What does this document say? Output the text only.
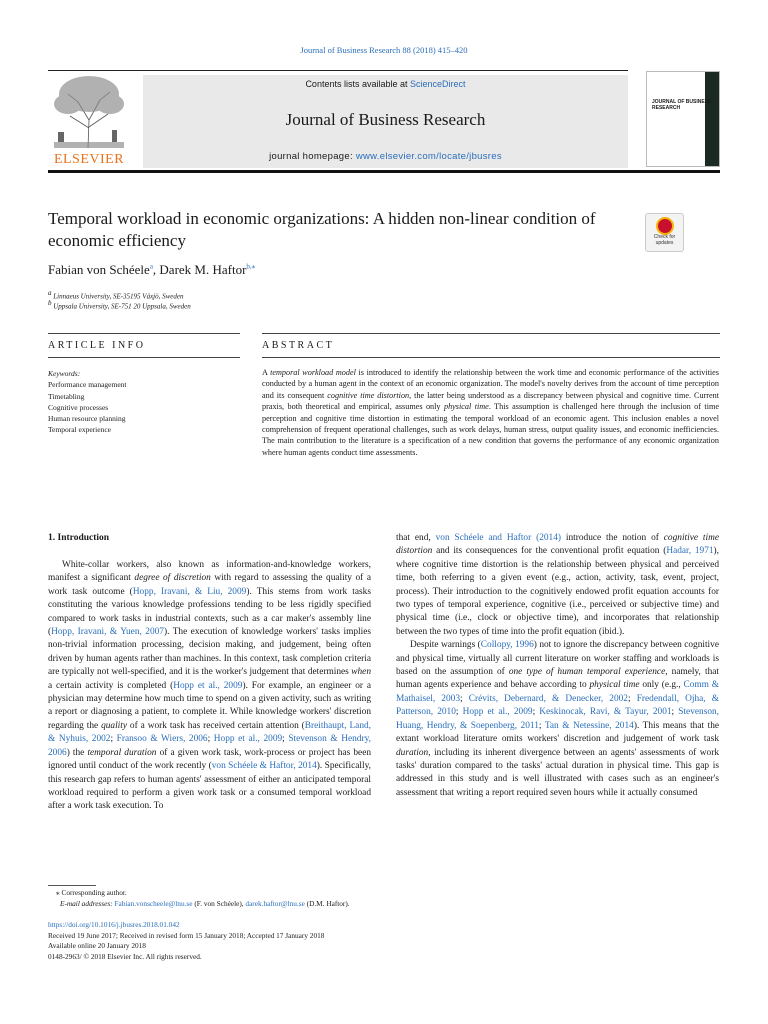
Journal of Business Research 88 (2018) 415–420
ELSEVIER
Contents lists available at ScienceDirect
Journal of Business Research
journal homepage: www.elsevier.com/locate/jbusres
JOURNAL OF BUSINESS RESEARCH
Temporal workload in economic organizations: A hidden non-linear condition of economic efficiency	Check for updates
Fabian von Schéele$^a$, Darek M. Haftor$^{b,⁎}$
$^a$ Linnaeus University, SE-35195 Växjö, Sweden
$^b$ Uppsala University, SE-751 20 Uppsala, Sweden
ARTICLE INFO	ABSTRACT
Keywords:
Performance management
Timetabling
Cognitive processes
Human resource planning
Temporal experience
A temporal workload model is introduced to identify the relationship between the work time and economic performance of the activities conducted by a human agent in the context of an economic organization. The model's novelty derives from the account of time perception and its consequent cognitive time distortion, the latter being understood as a discrepancy between physical and cognitive time. Current praxis, both theoretical and empirical, assumes only physical time. This assumption is challenged here through the inclusion of time perception and cognitive time distortion in estimating the temporal workload of an economic agent. This inclusion enables a novel comprehension of frequent operational challenges, such as work delays, human stress, output quality issues, and economic inefficiencies. The main contribution to the literature is a specification of a new condition that governs the performance of any economic organization where human agents conduct time assessments.
1. Introduction

White-collar workers, also known as information-and-knowledge workers, manifest a significant degree of discretion with regard to assessing the quality of a work task outcome (Hopp, Iravani, & Liu, 2009). This stems from work tasks constituting the various knowledge professions tending to be less rigidly specified compared to work tasks in industrial contexts, such as a car maker's assembly line (Hopp, Iravani, & Yuen, 2007). The execution of knowledge workers' tasks implies non-trivial information processing, decision making, and judgement, being often driven by human agents rather than machines. In this context, task completion criteria are typically not well-specified, and it is the worker's judgement that determines when a certain activity is completed (Hopp et al., 2009). For example, an engineer or a physician may determine how much time to spend on a given activity, such as writing a report or diagnosing a patient, to complete it. While knowledge workers' discretion regarding the quality of a work task has received certain attention (Breithaupt, Land, & Nyhuis, 2002; Fransoo & Wiers, 2006; Hopp et al., 2009; Stevenson & Hendry, 2006) the temporal duration of a given work task, work-process or project has been ignored until conduct of the work recently (von Schéele & Haftor, 2014). Specifically, this research gap refers to human agents' assessment of either an anticipated temporal workload required to perform a given work task or a consumed temporal workload after a work task execution. To

that end, von Schéele and Haftor (2014) introduce the notion of cognitive time distortion and its consequences for the conventional profit equation (Hadar, 1971), where cognitive time distortion is the relationship between physical and perceived time, both referring to a given event (e.g., action, activity, task, event, project, process). Their introduction to the cognitively endowed profit equation accounts for two types of temporal experience, cognitive (i.e., perceived or subjective time) and physical time (i.e., clock or objective time), and incorporates that relationship between the two types of time into the profit equation (ibid.).

Despite warnings (Collopy, 1996) not to ignore the discrepancy between cognitive and physical time, virtually all current literature on worker staffing and workloads is based on the assumption of one type of human temporal experience, namely, that human agents experience and behave according to physical time only (e.g., Comm & Mathaisel, 2003; Crévits, Debernard, & Denecker, 2002; Fredendall, Ojha, & Patterson, 2010; Hopp et al., 2009; Keskinocak, Ravi, & Tayur, 2001; Stevenson, Huang, Hendry, & Soepenberg, 2011; Tan & Netessine, 2014). This means that the extant workload literature omits workers' discretion and judgement of work task duration, including its inherent divergence between an agents' assessments of work tasks' duration compared to the tasks' actual duration in physical time. This gap is addressed in this study and is well illustrated with cases such as an engineer's assessment that writing a report required seven hours while it actually consumed

⁎ Corresponding author.
E-mail addresses: Fabian.vonscheele@lnu.se (F. von Schéele), darek.haftor@lnu.se (D.M. Haftor).
https://doi.org/10.1016/j.jbusres.2018.01.042
Received 19 June 2017; Received in revised form 15 January 2018; Accepted 17 January 2018
Available online 20 January 2018
0148-2963/ © 2018 Elsevier Inc. All rights reserved.
